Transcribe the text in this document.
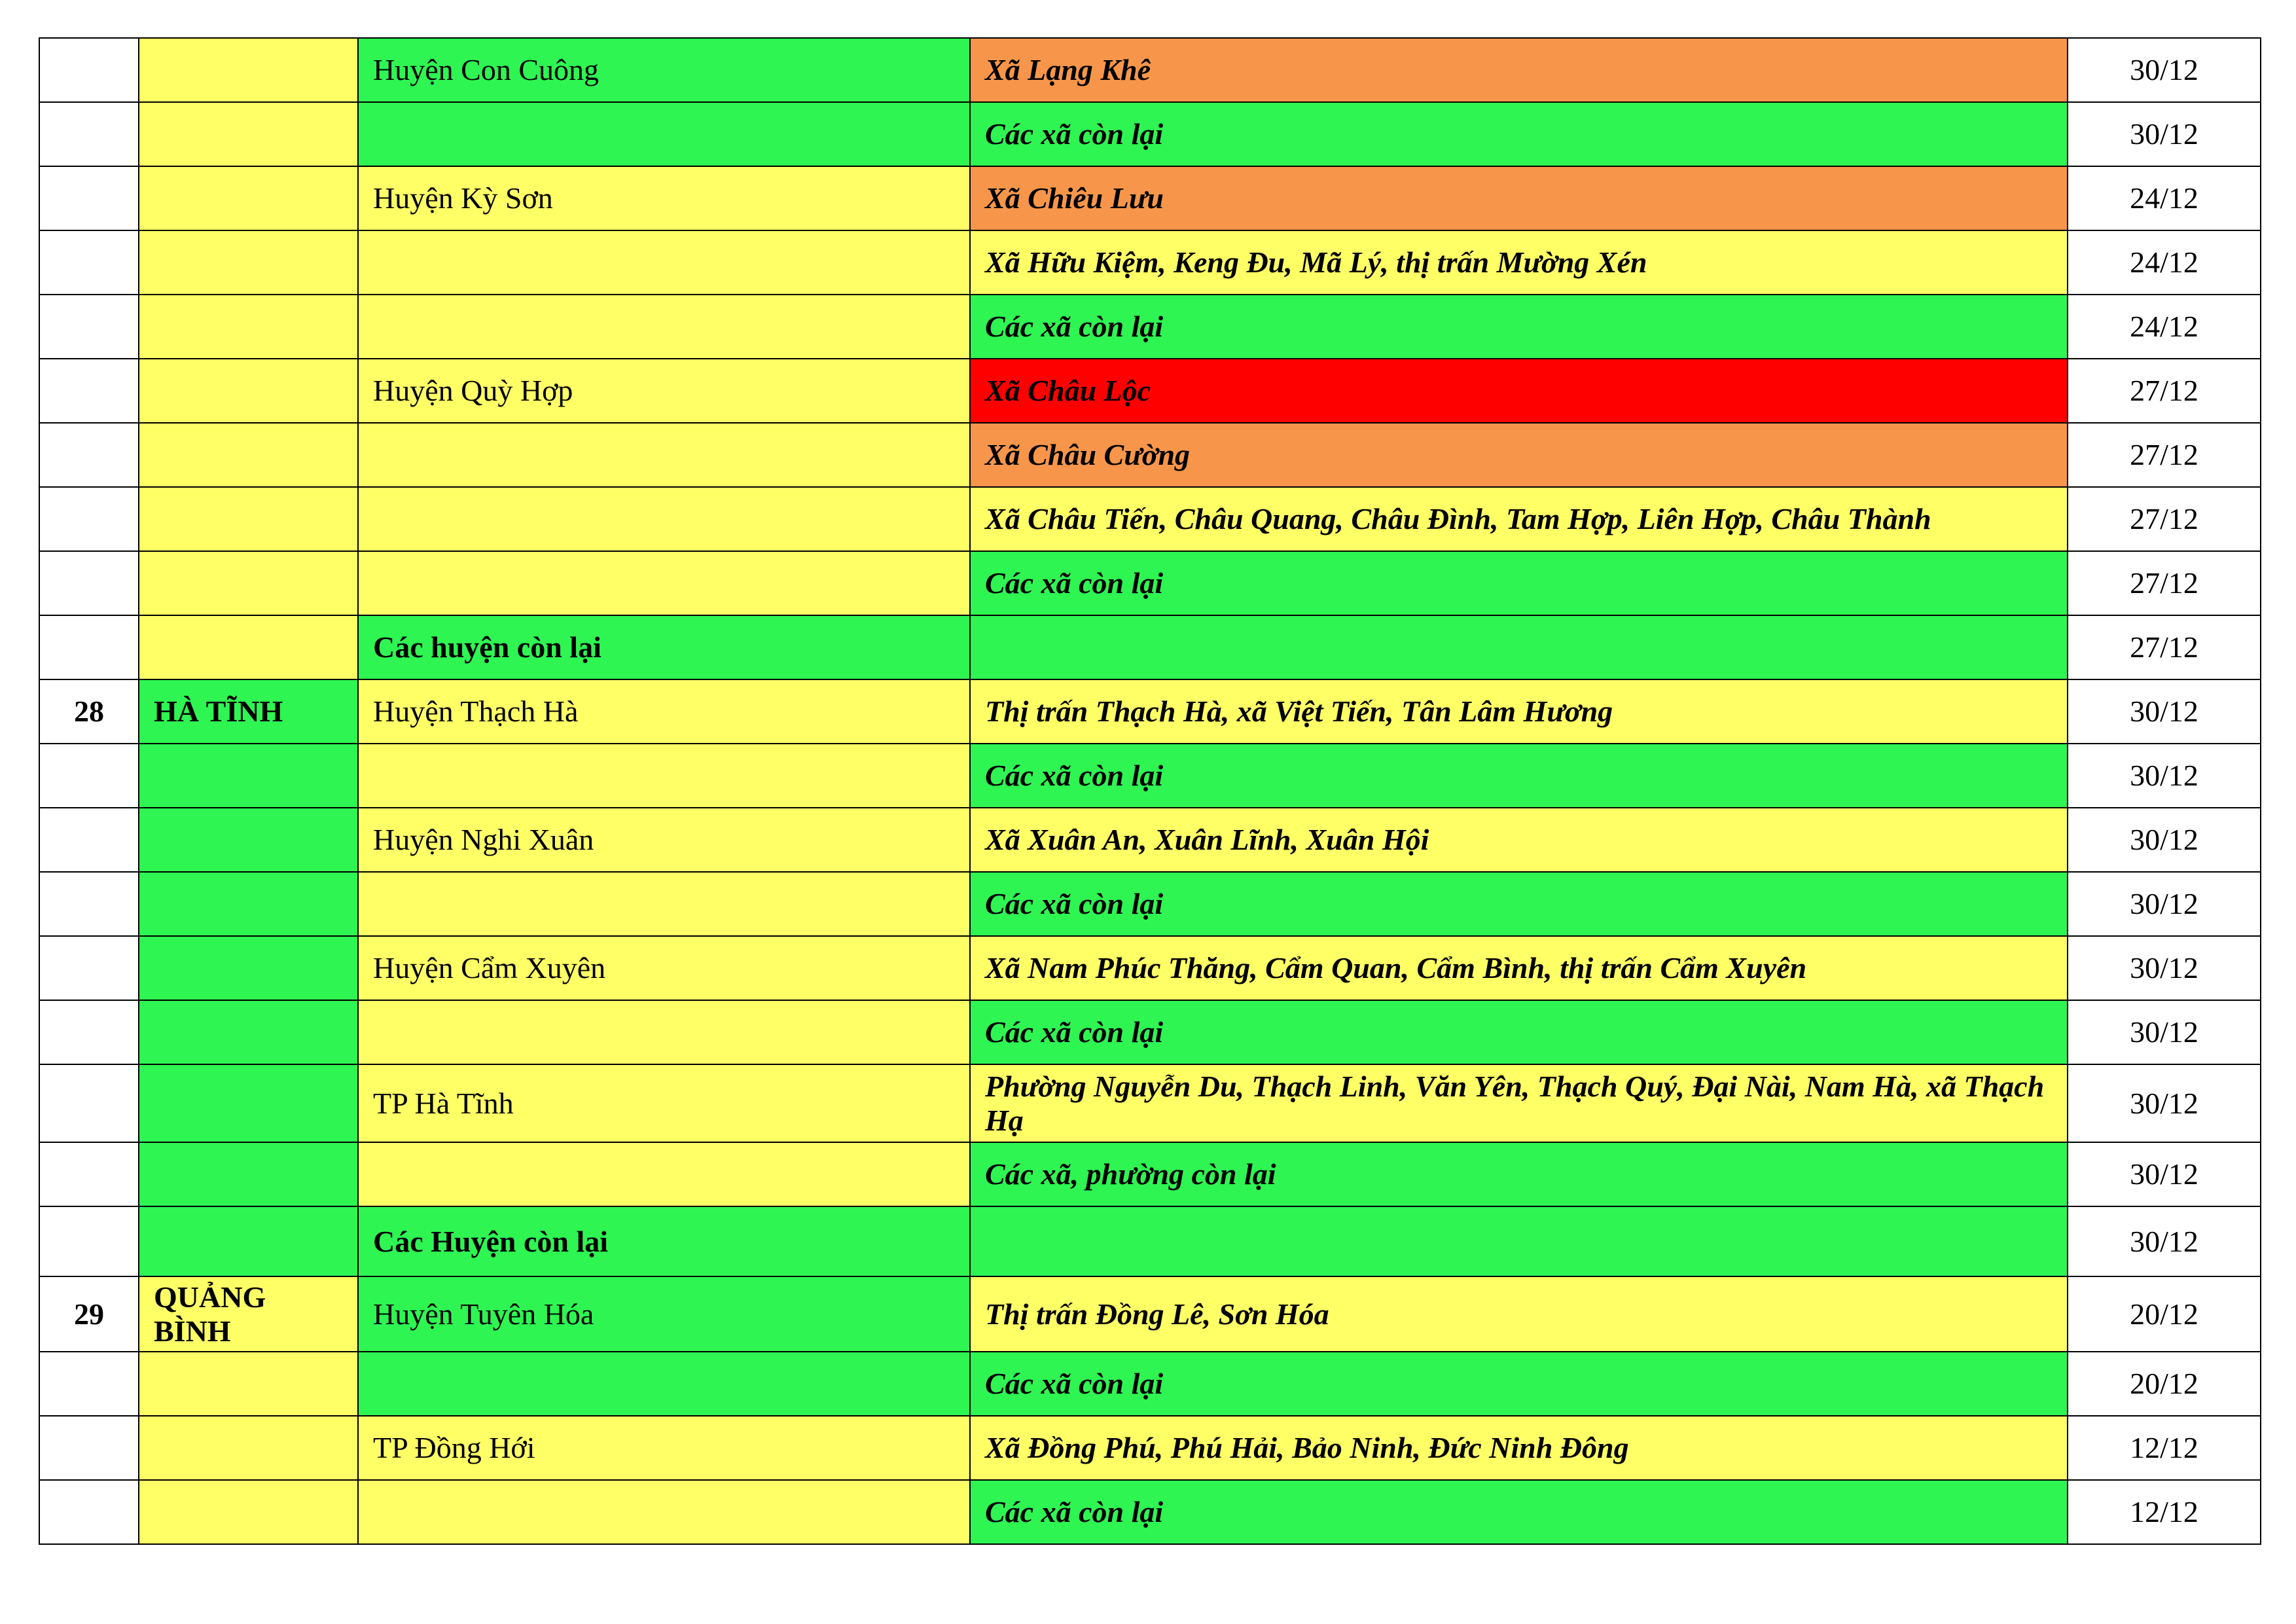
		Huyện Con Cuông	Xã Lạng Khê	30/12
			Các xã còn lại	30/12
		Huyện Kỳ Sơn	Xã Chiêu Lưu	24/12
			Xã Hữu Kiệm, Keng Đu, Mã Lý, thị trấn Mường Xén	24/12
			Các xã còn lại	24/12
		Huyện Quỳ Hợp	Xã Châu Lộc	27/12
			Xã Châu Cường	27/12
			Xã Châu Tiến, Châu Quang, Châu Đình, Tam Hợp, Liên Hợp, Châu Thành	27/12
			Các xã còn lại	27/12
		Các huyện còn lại		27/12
28	HÀ TĨNH	Huyện Thạch Hà	Thị trấn Thạch Hà, xã Việt Tiến, Tân Lâm Hương	30/12
			Các xã còn lại	30/12
		Huyện Nghi Xuân	Xã Xuân An, Xuân Lĩnh, Xuân Hội	30/12
			Các xã còn lại	30/12
		Huyện Cẩm Xuyên	Xã Nam Phúc Thăng, Cẩm Quan, Cẩm Bình, thị trấn Cẩm Xuyên	30/12
			Các xã còn lại	30/12
		TP Hà Tĩnh	Phường Nguyễn Du, Thạch Linh, Văn Yên, Thạch Quý, Đại Nài, Nam Hà, xã Thạch Hạ	30/12
			Các xã, phường còn lại	30/12
		Các Huyện còn lại		30/12
29	QUẢNG BÌNH	Huyện Tuyên Hóa	Thị trấn Đồng Lê, Sơn Hóa	20/12
			Các xã còn lại	20/12
		TP Đồng Hới	Xã Đồng Phú, Phú Hải, Bảo Ninh, Đức Ninh Đông	12/12
			Các xã còn lại	12/12
